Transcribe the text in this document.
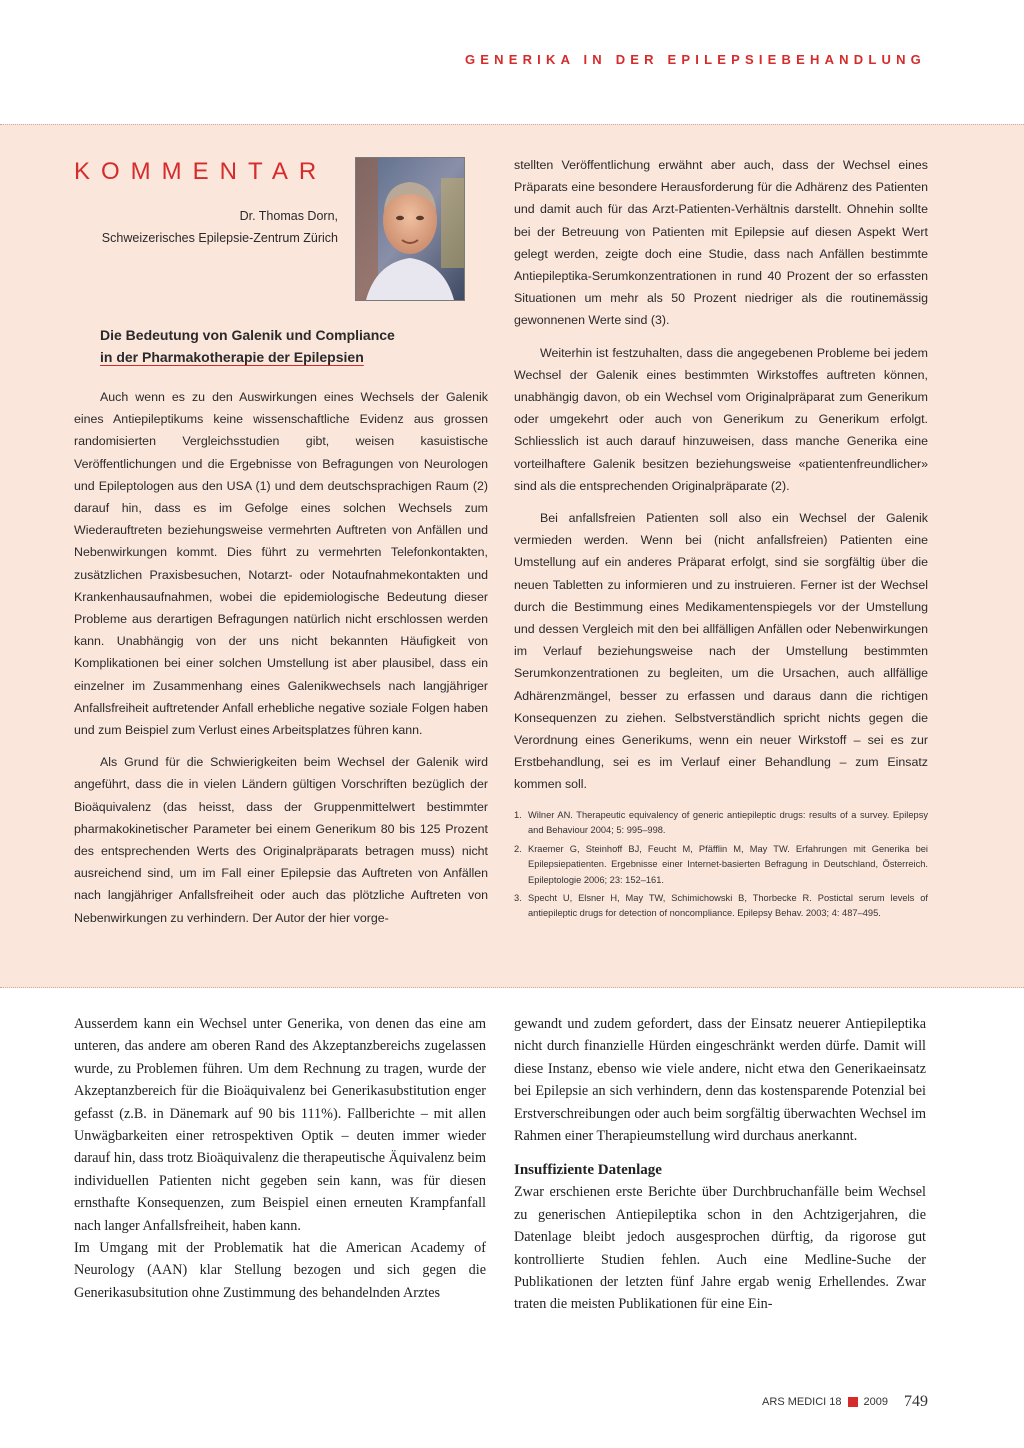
GENERIKA IN DER EPILEPSIEBEHANDLUNG
KOMMENTAR
Dr. Thomas Dorn,
Schweizerisches Epilepsie-Zentrum Zürich
Die Bedeutung von Galenik und Compliance
in der Pharmakotherapie der Epilepsien

Auch wenn es zu den Auswirkungen eines Wechsels der Galenik eines Antiepileptikums keine wissenschaftliche Evidenz aus grossen randomisierten Vergleichsstudien gibt, weisen kasuistische Veröffentlichungen und die Ergebnisse von Befragungen von Neurologen und Epileptologen aus den USA (1) und dem deutschsprachigen Raum (2) darauf hin, dass es im Gefolge eines solchen Wechsels zum Wiederauftreten beziehungsweise vermehrten Auftreten von Anfällen und Nebenwirkungen kommt. Dies führt zu vermehrten Telefonkontakten, zusätzlichen Praxisbesuchen, Notarzt- oder Notaufnahmekontakten und Krankenhausaufnahmen, wobei die epidemiologische Bedeutung dieser Probleme aus derartigen Befragungen natürlich nicht erschlossen werden kann. Unabhängig von der uns nicht bekannten Häufigkeit von Komplikationen bei einer solchen Umstellung ist aber plausibel, dass ein einzelner im Zusammenhang eines Galenikwechsels nach langjähriger Anfallsfreiheit auftretender Anfall erhebliche negative soziale Folgen haben und zum Beispiel zum Verlust eines Arbeitsplatzes führen kann.

Als Grund für die Schwierigkeiten beim Wechsel der Galenik wird angeführt, dass die in vielen Ländern gültigen Vorschriften bezüglich der Bioäquivalenz (das heisst, dass der Gruppenmittelwert bestimmter pharmakokinetischer Parameter bei einem Generikum 80 bis 125 Prozent des entsprechenden Werts des Originalpräparats betragen muss) nicht ausreichend sind, um im Fall einer Epilepsie das Auftreten von Anfällen nach langjähriger Anfallsfreiheit oder auch das plötzliche Auftreten von Nebenwirkungen zu verhindern. Der Autor der hier vorge-

stellten Veröffentlichung erwähnt aber auch, dass der Wechsel eines Präparats eine besondere Herausforderung für die Adhärenz des Patienten und damit auch für das Arzt-Patienten-Verhältnis darstellt. Ohnehin sollte bei der Betreuung von Patienten mit Epilepsie auf diesen Aspekt Wert gelegt werden, zeigte doch eine Studie, dass nach Anfällen bestimmte Antiepileptika-Serumkonzentrationen in rund 40 Prozent der so erfassten Situationen um mehr als 50 Prozent niedriger als die routinemässig gewonnenen Werte sind (3).

Weiterhin ist festzuhalten, dass die angegebenen Probleme bei jedem Wechsel der Galenik eines bestimmten Wirkstoffes auftreten können, unabhängig davon, ob ein Wechsel vom Originalpräparat zum Generikum oder umgekehrt oder auch von Generikum zu Generikum erfolgt. Schliesslich ist auch darauf hinzuweisen, dass manche Generika eine vorteilhaftere Galenik besitzen beziehungsweise «patientenfreundlicher» sind als die entsprechenden Originalpräparate (2).

Bei anfallsfreien Patienten soll also ein Wechsel der Galenik vermieden werden. Wenn bei (nicht anfallsfreien) Patienten eine Umstellung auf ein anderes Präparat erfolgt, sind sie sorgfältig über die neuen Tabletten zu informieren und zu instruieren. Ferner ist der Wechsel durch die Bestimmung eines Medikamentenspiegels vor der Umstellung und dessen Vergleich mit den bei allfälligen Anfällen oder Nebenwirkungen im Verlauf beziehungsweise nach der Umstellung bestimmten Serumkonzentrationen zu begleiten, um die Ursachen, auch allfällige Adhärenzmängel, besser zu erfassen und daraus dann die richtigen Konsequenzen zu ziehen. Selbstverständlich spricht nichts gegen die Verordnung eines Generikums, wenn ein neuer Wirkstoff – sei es zur Erstbehandlung, sei es im Verlauf einer Behandlung – zum Einsatz kommen soll.

1. Wilner AN. Therapeutic equivalency of generic antiepileptic drugs: results of a survey. Epilepsy and Behaviour 2004; 5: 995–998.
2. Kraemer G, Steinhoff BJ, Feucht M, Pfäfflin M, May TW. Erfahrungen mit Generika bei Epilepsiepatienten. Ergebnisse einer Internet-basierten Befragung in Deutschland, Österreich. Epileptologie 2006; 23: 152–161.
3. Specht U, Elsner H, May TW, Schimichowski B, Thorbecke R. Postictal serum levels of antiepileptic drugs for detection of noncompliance. Epilepsy Behav. 2003; 4: 487–495.

Ausserdem kann ein Wechsel unter Generika, von denen das eine am unteren, das andere am oberen Rand des Akzeptanzbereichs zugelassen wurde, zu Problemen führen. Um dem Rechnung zu tragen, wurde der Akzeptanzbereich für die Bioäquivalenz bei Generikasubstitution enger gefasst (z.B. in Dänemark auf 90 bis 111%). Fallberichte – mit allen Unwägbarkeiten einer retrospektiven Optik – deuten immer wieder darauf hin, dass trotz Bioäquivalenz die therapeutische Äquivalenz beim individuellen Patienten nicht gegeben sein kann, was für diesen ernsthafte Konsequenzen, zum Beispiel einen erneuten Krampfanfall nach langer Anfallsfreiheit, haben kann.

Im Umgang mit der Problematik hat die American Academy of Neurology (AAN) klar Stellung bezogen und sich gegen die Generikasubsitution ohne Zustimmung des behandelnden Arztes

gewandt und zudem gefordert, dass der Einsatz neuerer Antiepileptika nicht durch finanzielle Hürden eingeschränkt werden dürfe. Damit will diese Instanz, ebenso wie viele andere, nicht etwa den Generikaeinsatz bei Epilepsie an sich verhindern, denn das kostensparende Potenzial bei Erstverschreibungen oder auch beim sorgfältig überwachten Wechsel im Rahmen einer Therapieumstellung wird durchaus anerkannt.

Insuffiziente Datenlage

Zwar erschienen erste Berichte über Durchbruchanfälle beim Wechsel zu generischen Antiepileptika schon in den Achtzigerjahren, die Datenlage bleibt jedoch ausgesprochen dürftig, da rigorose gut kontrollierte Studien fehlen. Auch eine Medline-Suche der Publikationen der letzten fünf Jahre ergab wenig Erhellendes. Zwar traten die meisten Publikationen für eine Ein-

ARS MEDICI 18 2009 749
